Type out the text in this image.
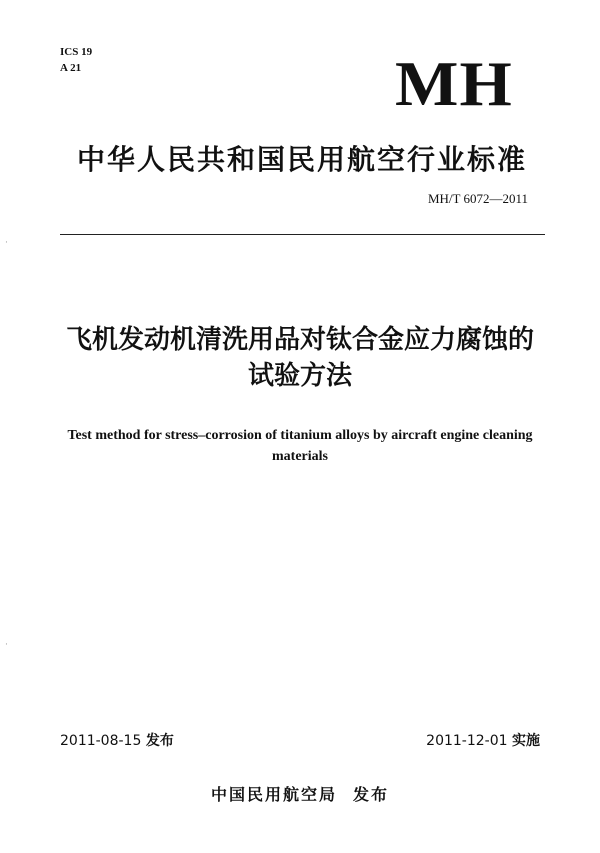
ICS 19
A 21	MH
中华人民共和国民用航空行业标准
MH/T 6072—2011
飞机发动机清洗用品对钛合金应力腐蚀的
试验方法
Test method for stress–corrosion of titanium alloys by aircraft engine cleaning
materials
2011-08-15 发布	2011-12-01 实施
中国民用航空局 发布
·
·
